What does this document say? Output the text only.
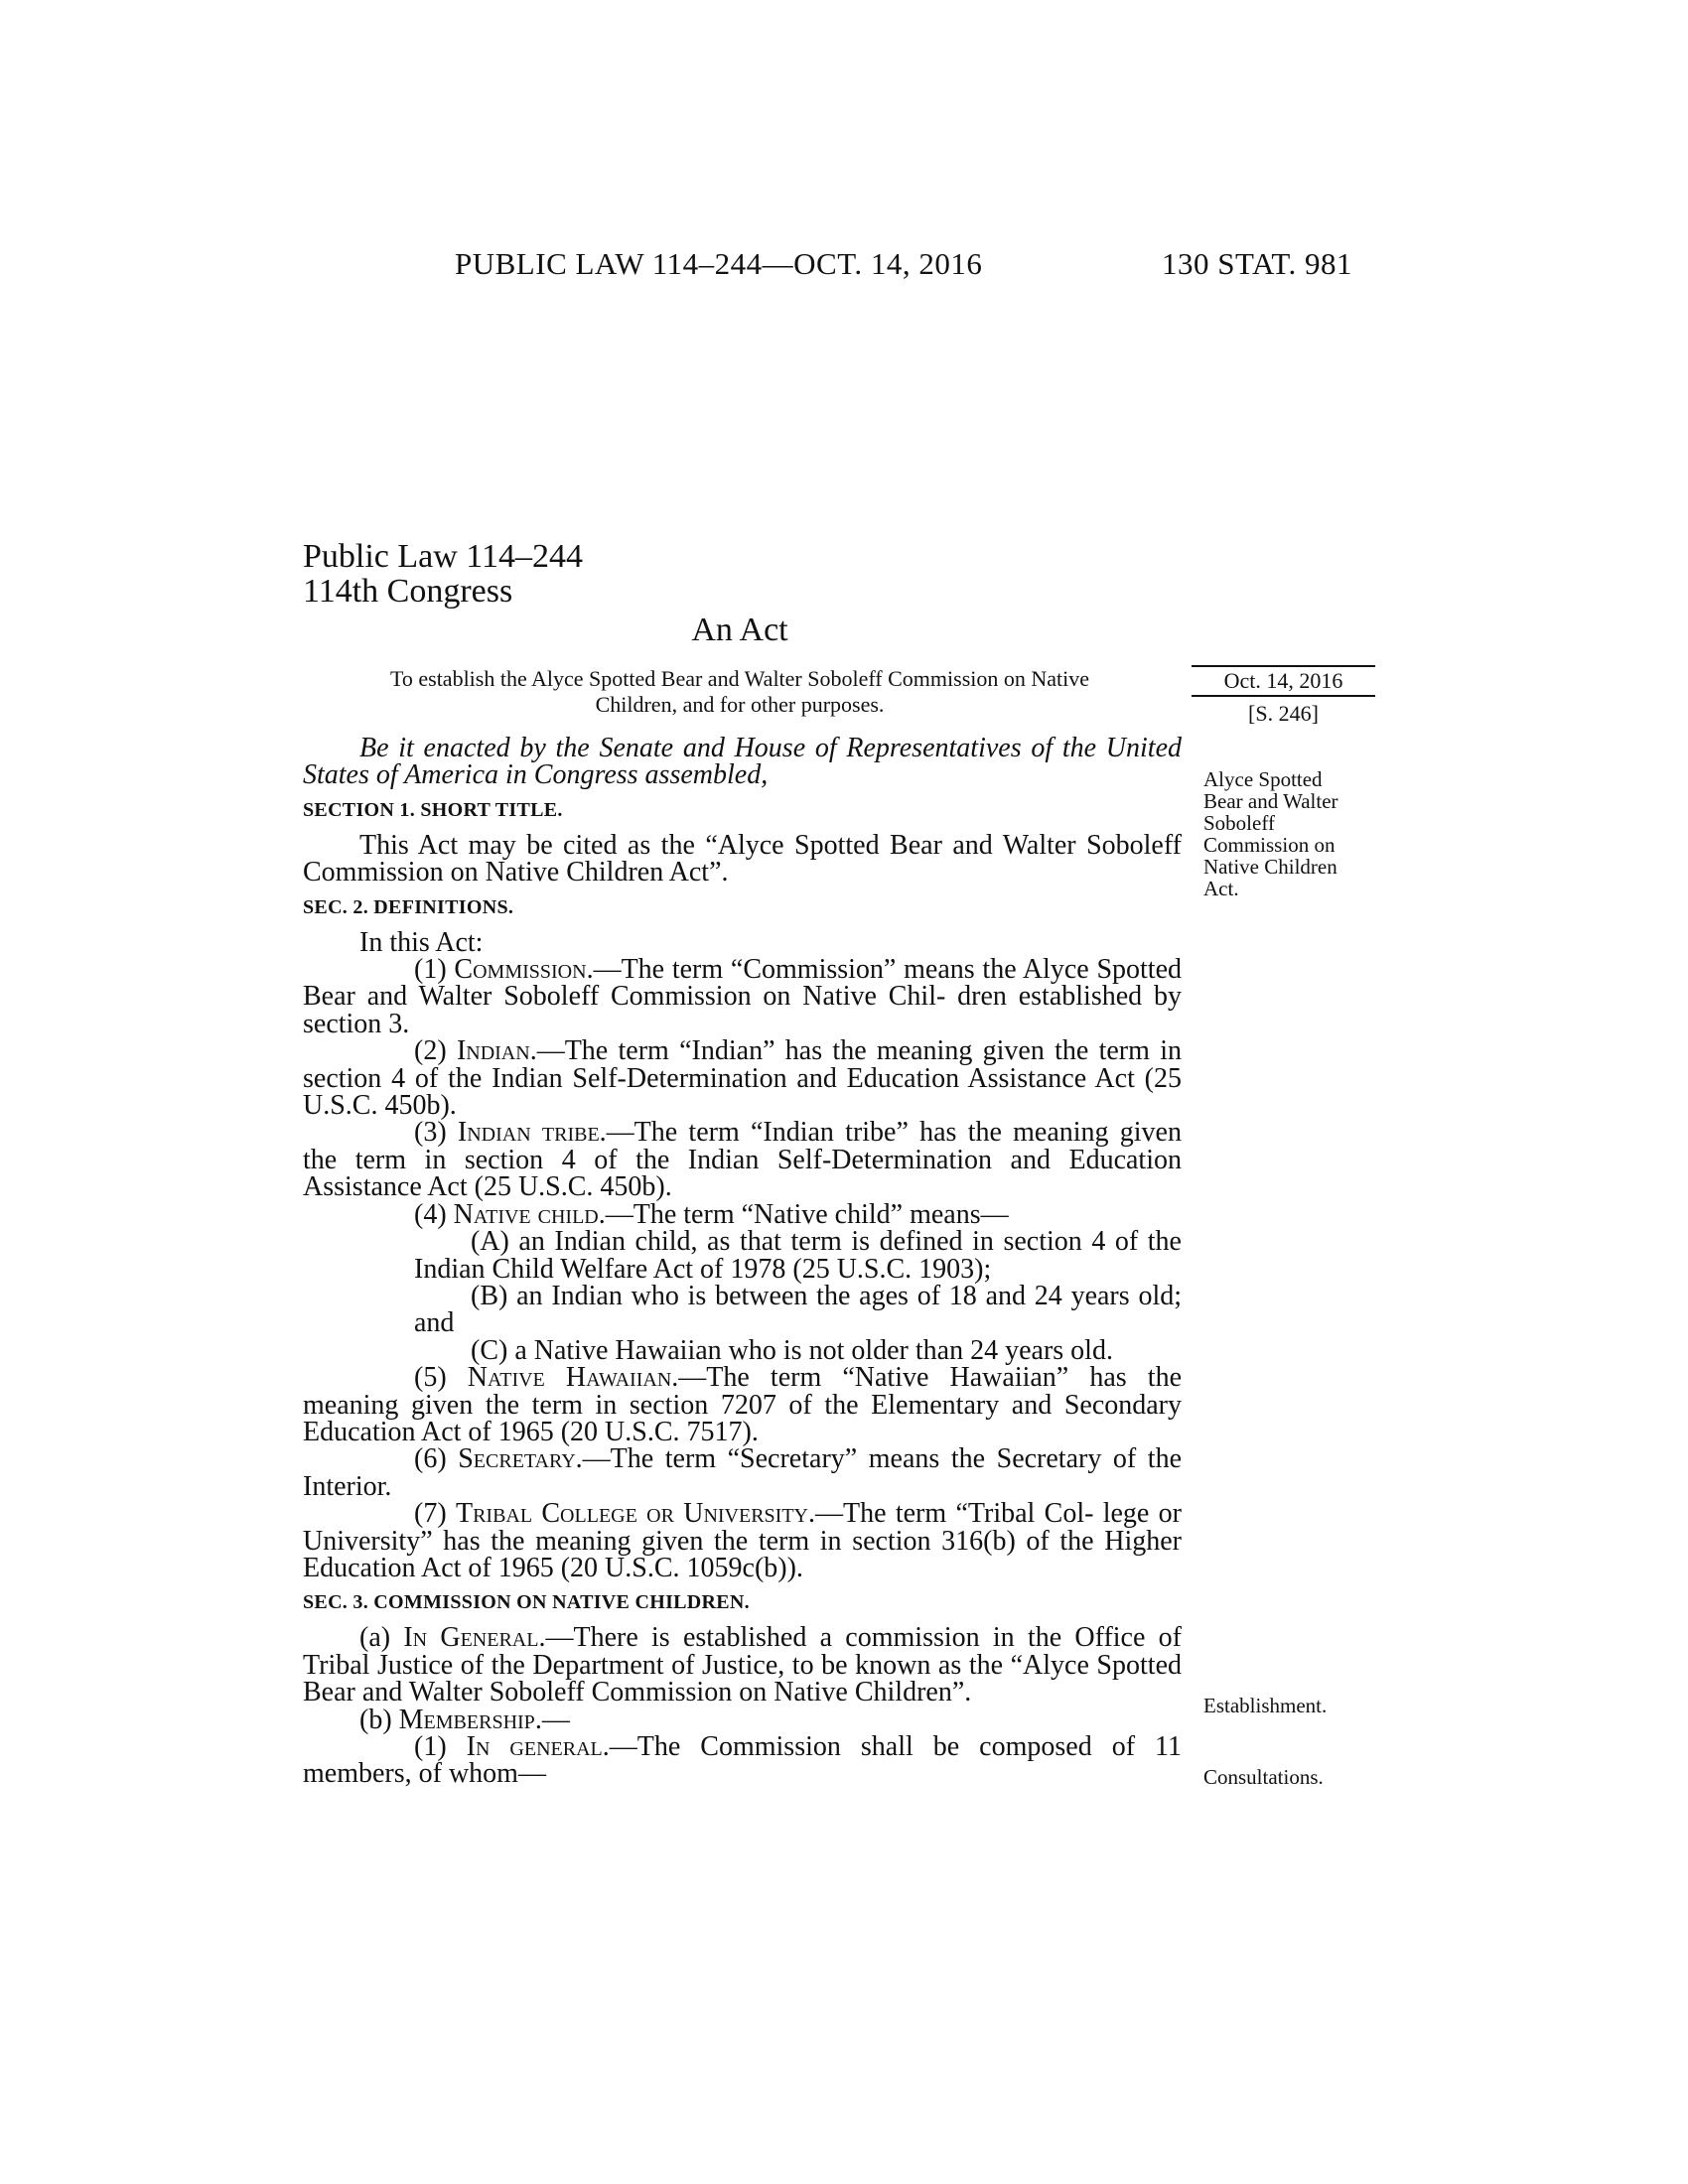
PUBLIC LAW 114–244—OCT. 14, 2016	130 STAT. 981
Public Law 114–244
114th Congress
An Act
To establish the Alyce Spotted Bear and Walter Soboleff Commission on Native
Children, and for other purposes.
Oct. 14, 2016
[S. 246]
Alyce Spotted
Bear and Walter
Soboleff
Commission on
Native Children
Act.
Establishment.
Consultations.

Be it enacted by the Senate and House of Representatives of the United States of America in Congress assembled,

SECTION 1. SHORT TITLE.

This Act may be cited as the “Alyce Spotted Bear and Walter Soboleff Commission on Native Children Act”.

SEC. 2. DEFINITIONS.

In this Act:

(1) Commission.—The term “Commission” means the Alyce Spotted Bear and Walter Soboleff Commission on Native Chil- dren established by section 3.

(2) Indian.—The term “Indian” has the meaning given the term in section 4 of the Indian Self-Determination and Education Assistance Act (25 U.S.C. 450b).

(3) Indian tribe.—The term “Indian tribe” has the meaning given the term in section 4 of the Indian Self-Determination and Education Assistance Act (25 U.S.C. 450b).

(4) Native child.—The term “Native child” means—

(A) an Indian child, as that term is defined in section 4 of the Indian Child Welfare Act of 1978 (25 U.S.C. 1903);

(B) an Indian who is between the ages of 18 and 24 years old; and

(C) a Native Hawaiian who is not older than 24 years old.

(5) Native Hawaiian.—The term “Native Hawaiian” has the meaning given the term in section 7207 of the Elementary and Secondary Education Act of 1965 (20 U.S.C. 7517).

(6) Secretary.—The term “Secretary” means the Secretary of the Interior.

(7) Tribal College or University.—The term “Tribal Col- lege or University” has the meaning given the term in section 316(b) of the Higher Education Act of 1965 (20 U.S.C. 1059c(b)).

SEC. 3. COMMISSION ON NATIVE CHILDREN.

(a) In General.—There is established a commission in the Office of Tribal Justice of the Department of Justice, to be known as the “Alyce Spotted Bear and Walter Soboleff Commission on Native Children”.

(b) Membership.—

(1) In general.—The Commission shall be composed of 11 members, of whom—
